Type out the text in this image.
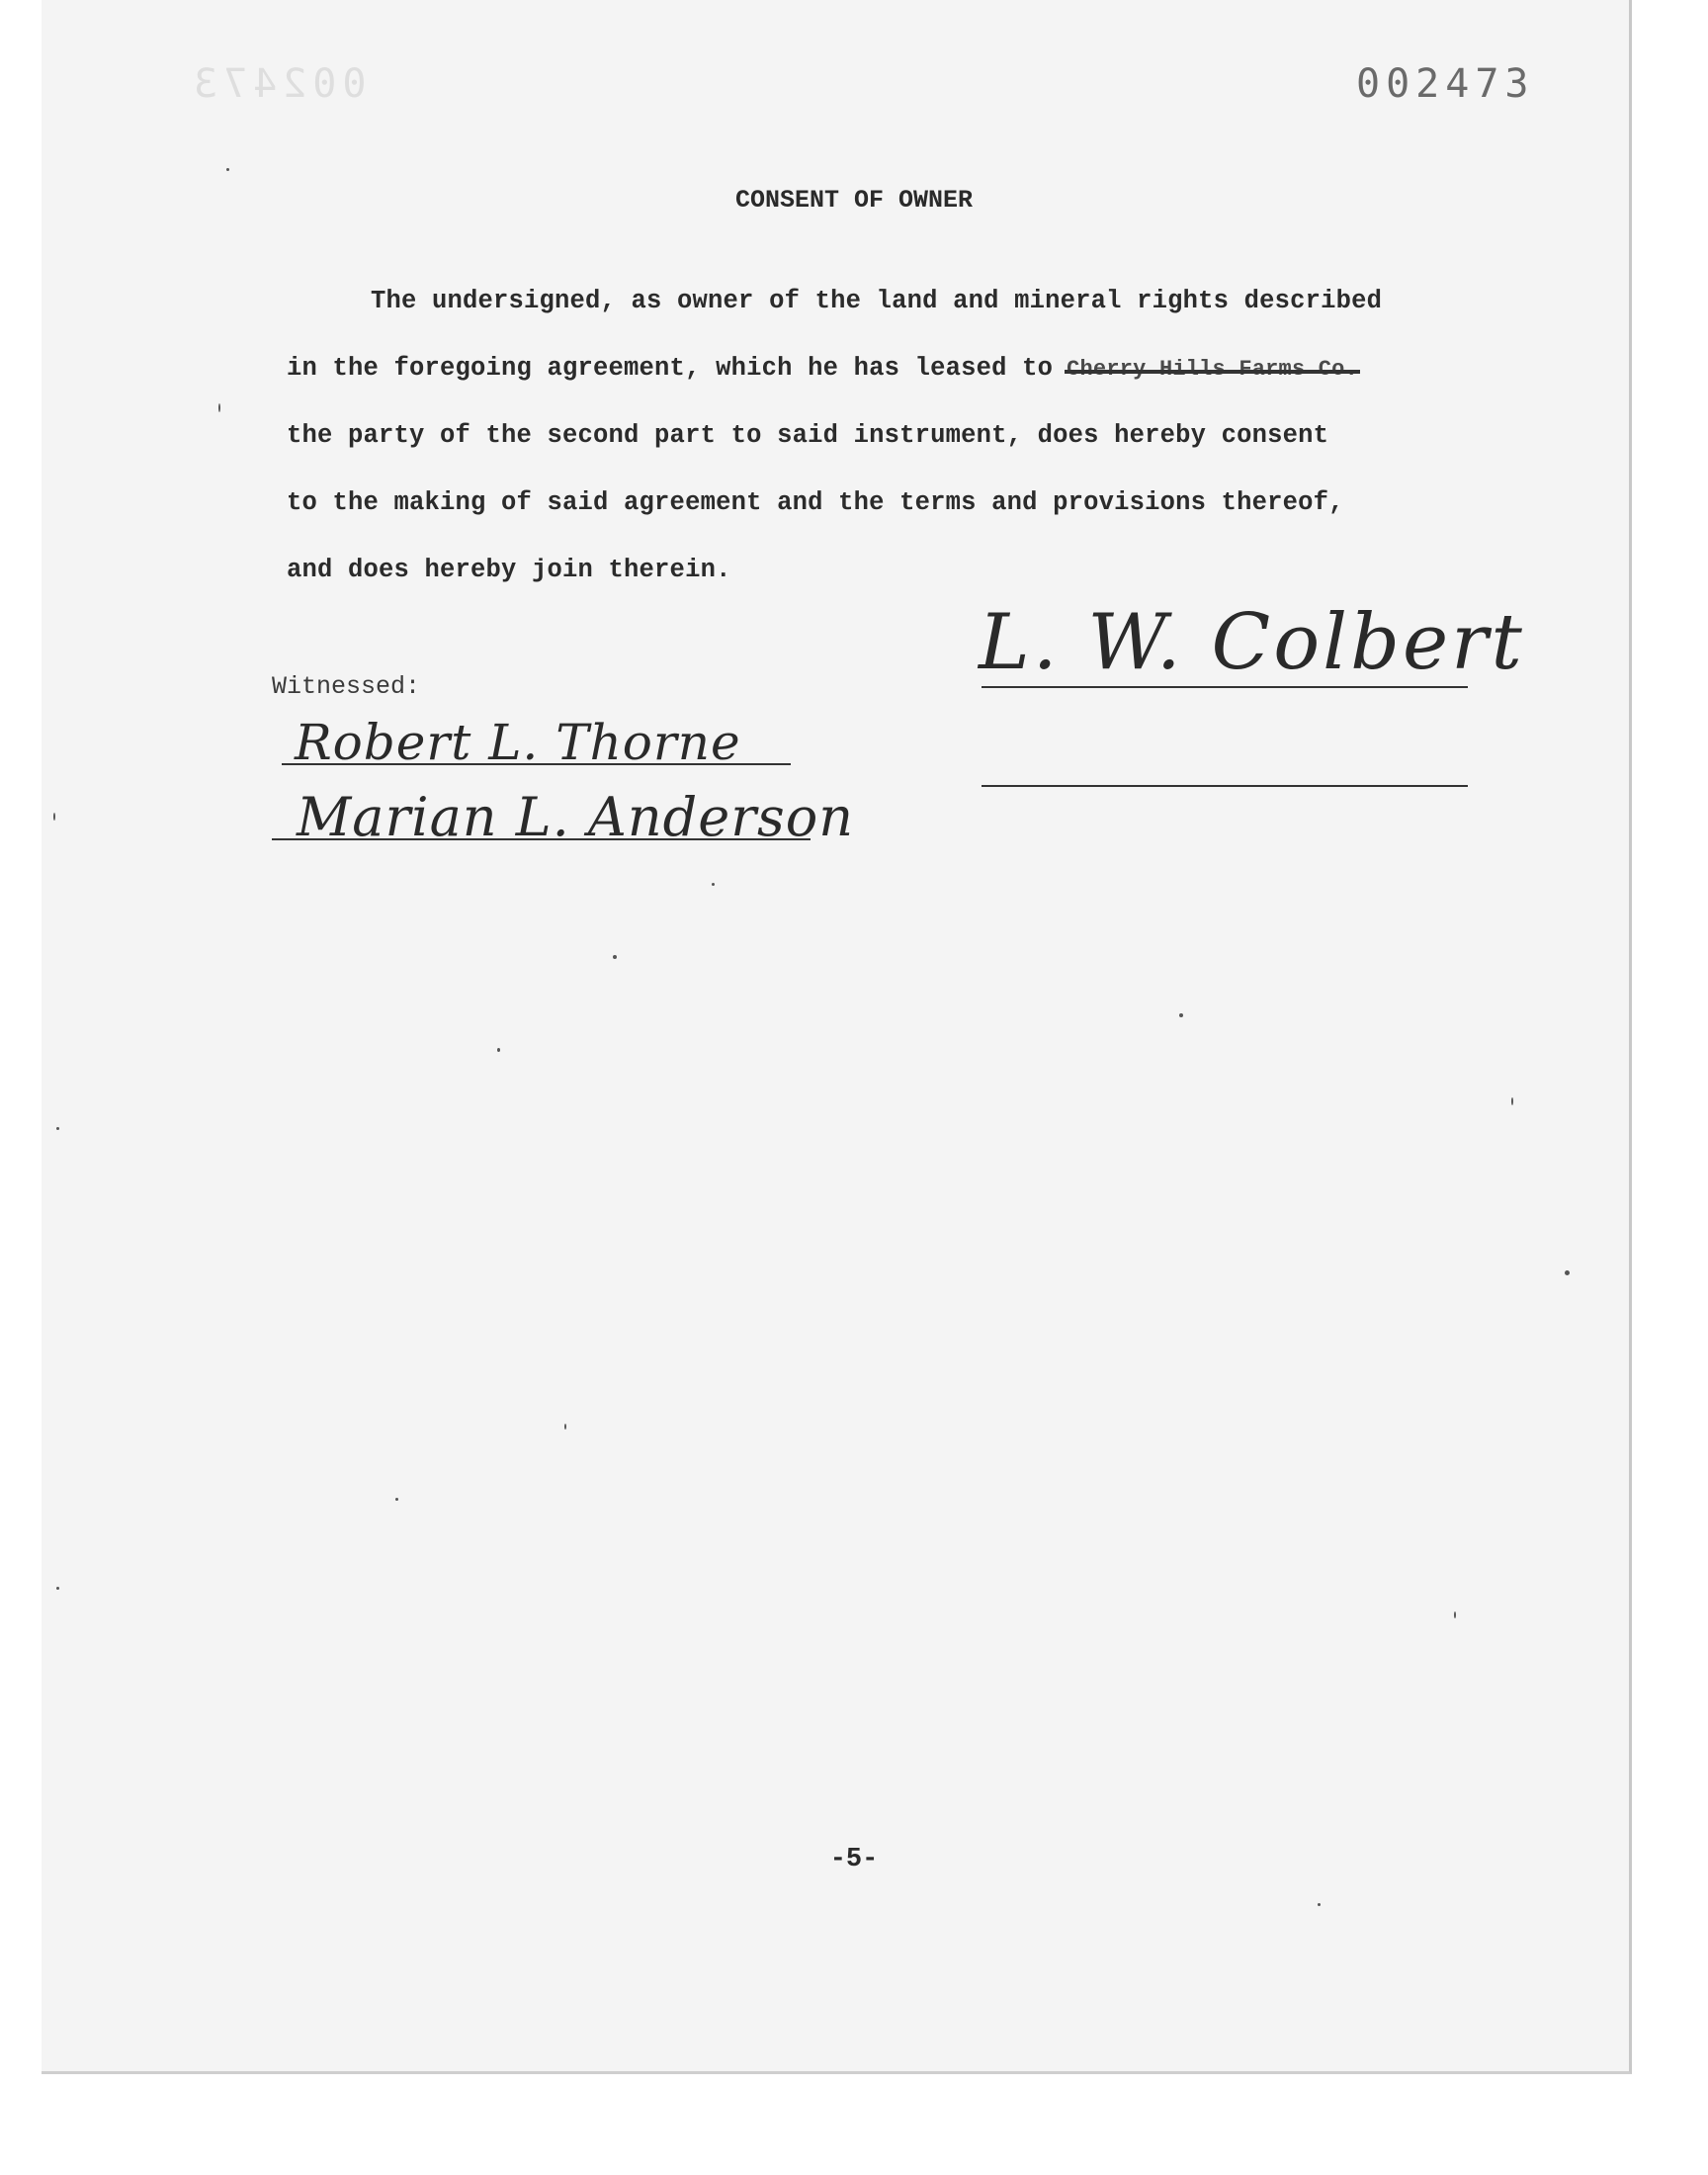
002473	002473
CONSENT OF OWNER
The undersigned, as owner of the land and mineral rights described
in the foregoing agreement, which he has leased to Cherry Hills Farms Co.
the party of the second part to said instrument, does hereby consent
to the making of said agreement and the terms and provisions thereof,
and does hereby join therein.
L. W. Colbert
Witnessed:
Robert L. Thorne
Marian L. Anderson
-5-
